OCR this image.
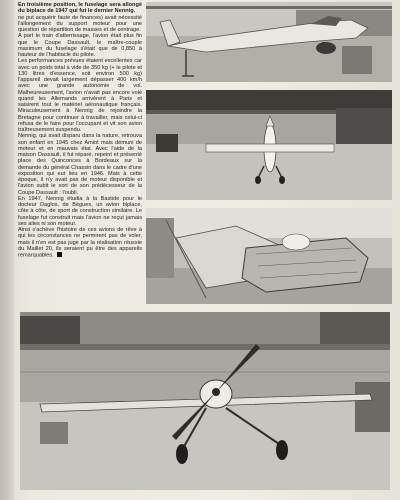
En troisième position, le fuselage sera allongé du biplace de 1947 qui fut le dernier Nennig.

ne put acquérir faute de finances) avait nécessité l'allongement du support moteur pour une question de répartition de masses et de centrage.

A part le train d'atterrissage, l'avion était plus fin que le Coupe Dassault, le maître-couple maximum du fuselage s'était que de 0,850 à hauteur de l'habitacle du pilote.

Les performances prévues étaient excellentes car avec un poids total à vide de 350 kg (+ le pilote et 130 litres d'essence, soit environ 500 kg) l'appareil devait largement dépasser 400 km/h avec une grande autonomie de vol. Malheureusement, l'avion n'avait pas encore volé quand les Allemands arrivèrent à Paris et saisirent tout le matériel aéronautique français. Miraculeusement à Nennig de rejoindre la Bretagne pour continuer à travailler, mais celui-ci refusa de le faire pour l'occupant et vit son avion traîtreusement suspendu.

Nennig, qui avait disparu dans la nature, retrouva son enfant en 1945 chez Amiot mais démuni de moteur et en mauvais état. Avec l'aide de la maison Dassault, il fut réparé, repeint et présenté place des Quinconces à Bordeaux sur la demande du général Chassin dans le cadre d'une exposition qui eut lieu en 1946. Mais à cette époque, il n'y avait pas de moteur disponible et l'avion subit le sort de son prédécesseur de la Coupe Dassault : l'oubli.

En 1947, Nennig étudia à la Bastide pour le docteur Daglos, de Bègues, un avion biplace, côte à côte, de sport de construction similaire. Le fuselage fut construit mais l'avion ne reçut jamais ses ailes ni son moteur.

Ainsi s'achève l'histoire de ces avions de rêve à qui les circonstances ne permirent pas de voler, mais il n'en est pas juge par la réalisation réussie du Maillet 20, ils seraient pu être des appareils remarquables.
